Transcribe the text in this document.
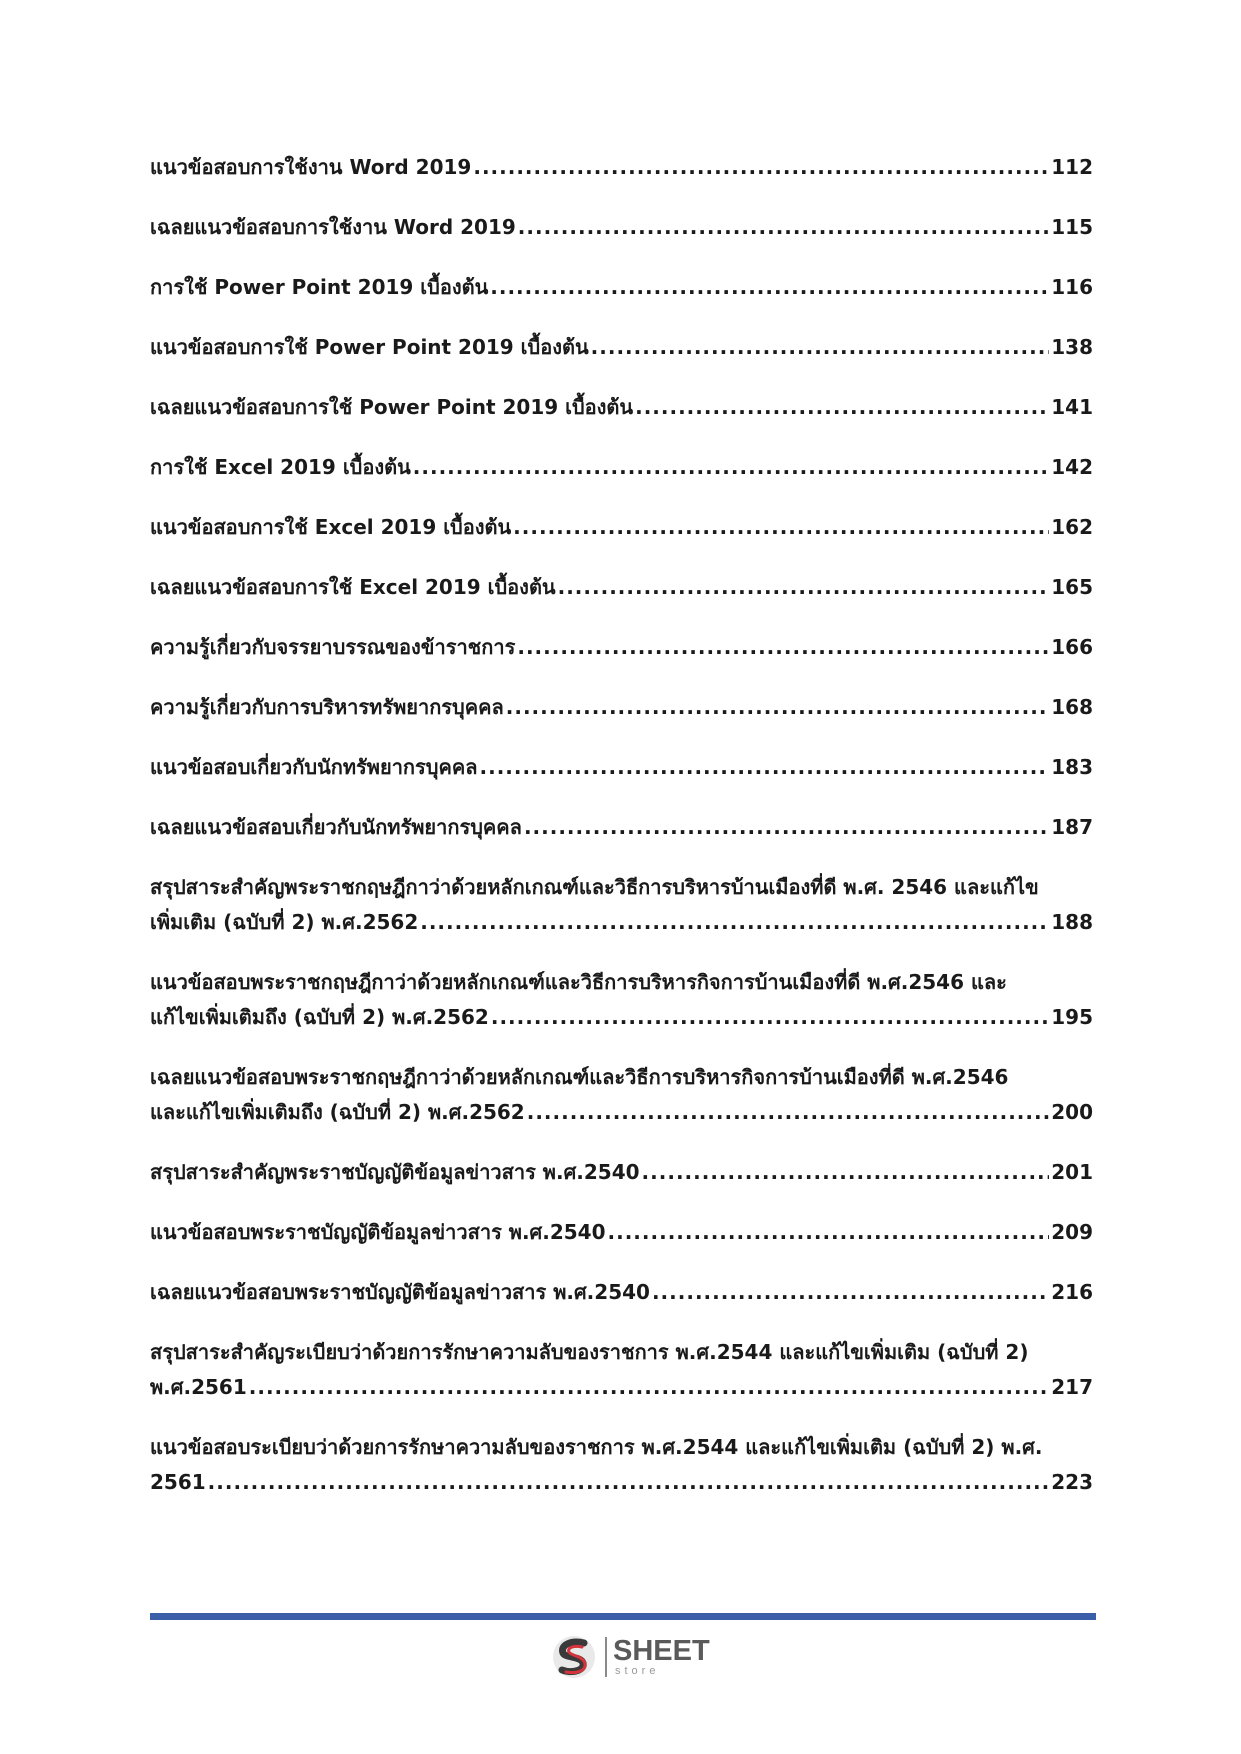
แนวข้อสอบการใช้งาน Word 2019 .....	112
เฉลยแนวข้อสอบการใช้งาน Word 2019 .....	115
การใช้ Power Point 2019 เบื้องต้น .....	116
แนวข้อสอบการใช้ Power Point 2019 เบื้องต้น .....	138
เฉลยแนวข้อสอบการใช้ Power Point 2019 เบื้องต้น .....	141
การใช้ Excel 2019 เบื้องต้น .....	142
แนวข้อสอบการใช้ Excel 2019 เบื้องต้น .....	162
เฉลยแนวข้อสอบการใช้ Excel 2019 เบื้องต้น .....	165
ความรู้เกี่ยวกับจรรยาบรรณของข้าราชการ .....	166
ความรู้เกี่ยวกับการบริหารทรัพยากรบุคคล .....	168
แนวข้อสอบเกี่ยวกับนักทรัพยากรบุคคล .....	183
เฉลยแนวข้อสอบเกี่ยวกับนักทรัพยากรบุคคล .....	187
สรุปสาระสำคัญพระราชกฤษฎีกาว่าด้วยหลักเกณฑ์และวิธีการบริหารบ้านเมืองที่ดี พ.ศ. 2546 และแก้ไข
เพิ่มเติม (ฉบับที่ 2) พ.ศ.2562 .....	188
แนวข้อสอบพระราชกฤษฎีกาว่าด้วยหลักเกณฑ์และวิธีการบริหารกิจการบ้านเมืองที่ดี พ.ศ.2546 และ
แก้ไขเพิ่มเติมถึง (ฉบับที่ 2) พ.ศ.2562 .....	195
เฉลยแนวข้อสอบพระราชกฤษฎีกาว่าด้วยหลักเกณฑ์และวิธีการบริหารกิจการบ้านเมืองที่ดี พ.ศ.2546
และแก้ไขเพิ่มเติมถึง (ฉบับที่ 2) พ.ศ.2562 .....	200
สรุปสาระสำคัญพระราชบัญญัติข้อมูลข่าวสาร พ.ศ.2540 .....	201
แนวข้อสอบพระราชบัญญัติข้อมูลข่าวสาร พ.ศ.2540 .....	209
เฉลยแนวข้อสอบพระราชบัญญัติข้อมูลข่าวสาร พ.ศ.2540 .....	216
สรุปสาระสำคัญระเบียบว่าด้วยการรักษาความลับของราชการ พ.ศ.2544 และแก้ไขเพิ่มเติม (ฉบับที่ 2)
พ.ศ.2561 .....	217
แนวข้อสอบระเบียบว่าด้วยการรักษาความลับของราชการ พ.ศ.2544 และแก้ไขเพิ่มเติม (ฉบับที่ 2) พ.ศ.
2561 .....	223
SHEET
store
